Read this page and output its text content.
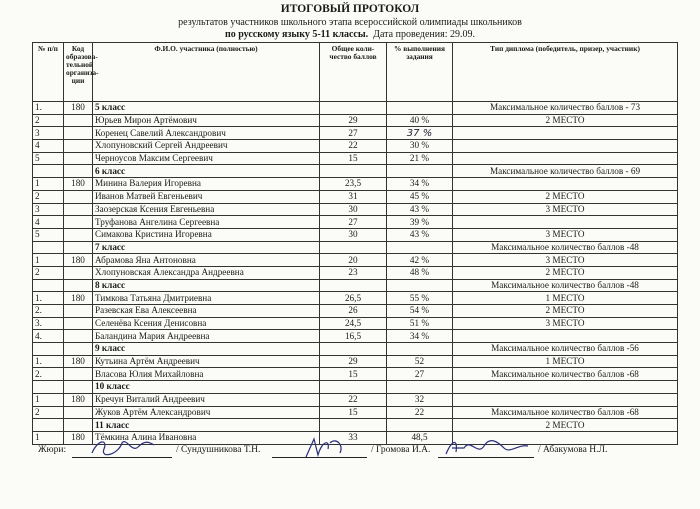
ИТОГОВЫЙ ПРОТОКОЛ
результатов участников школьного этапа всероссийской олимпиады школьников
по русскому языку 5-11 классы. Дата проведения: 29.09.
№ п/п	Код образова-тельной организа-ции	Ф.И.О. участника (полностью)	Общее коли-чество баллов	% выполнения задания	Тип диплома (победитель, призер, участник)
1.	180	5 класс			Максимальное количество баллов - 73
2		Юрьев Мирон Артёмович	29	40 %	2 МЕСТО
3		Коренец Савелий Александрович	27	37 %	
4		Хлопуновский Сергей Андреевич	22	30 %	
5		Черноусов Максим Сергеевич	15	21 %	
		6 класс			Максимальное количество баллов - 69
1	180	Минина Валерия Игоревна	23,5	34 %	
2		Иванов Матвей Евгеньевич	31	45 %	2 МЕСТО
3		Заозерская Ксения Евгеньевна	30	43 %	3 МЕСТО
4		Труфанова Ангелина Сергеевна	27	39 %	
5		Симакова Кристина Игоревна	30	43 %	3 МЕСТО
		7 класс			Максимальное количество баллов -48
1	180	Абрамова Яна Антоновна	20	42 %	3 МЕСТО
2		Хлопуновская Александра Андреевна	23	48 %	2 МЕСТО
		8 класс			Максимальное количество баллов -48
1.	180	Тимкова Татьяна Дмитриевна	26,5	55 %	1 МЕСТО
2.		Разевская Ева Алексеевна	26	54 %	2 МЕСТО
3.		Селенёва Ксения Денисовна	24,5	51 %	3 МЕСТО
4.		Баландина Мария Андреевна	16,5	34 %	
		9 класс			Максимальное количество баллов -56
1.	180	Кутьина Артём Андреевич	29	52	1 МЕСТО
2.		Власова Юлия Михайловна	15	27	Максимальное количество баллов -68
		10 класс			
1	180	Кречун Виталий Андреевич	22	32	
2		Жуков Артём Александрович	15	22	Максимальное количество баллов -68
		11 класс			2 МЕСТО
1	180	Тёмкина Алина Ивановна	33	48,5	
Жюри:	/ Сундушникова Т.Н.	/ Громова И.А.	/ Абакумова Н.Л.
